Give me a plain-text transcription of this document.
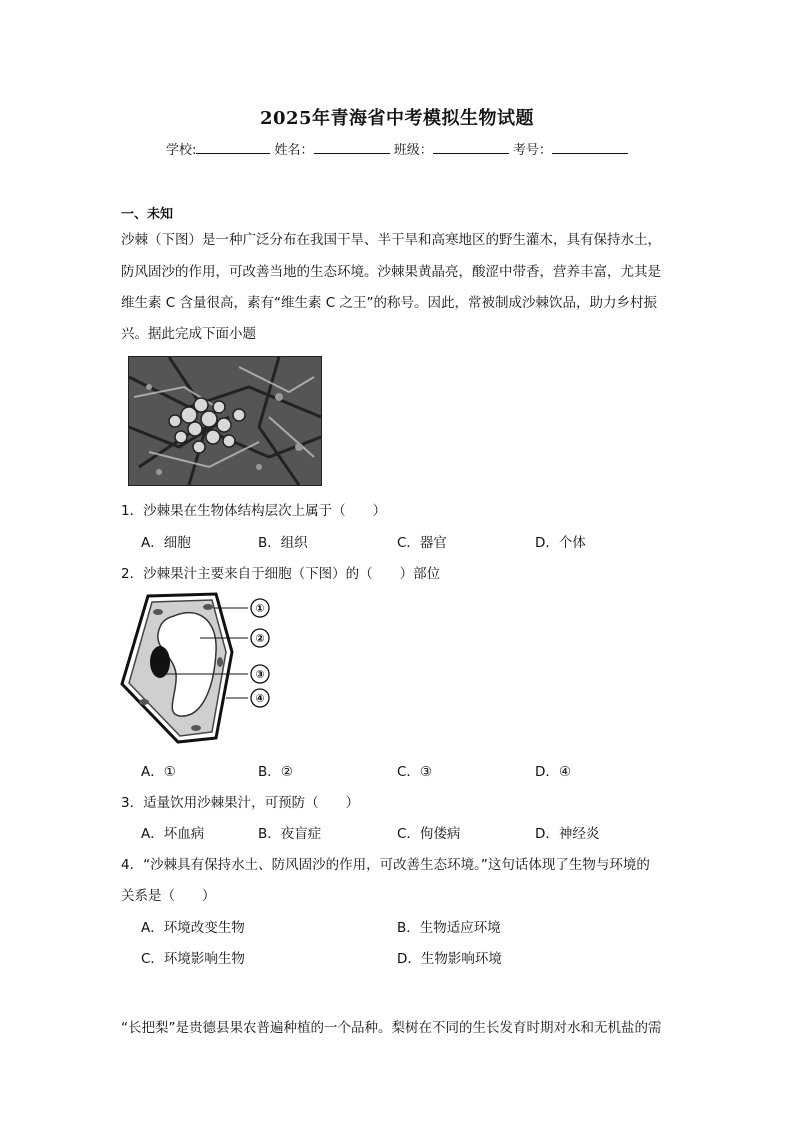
2025年青海省中考模拟生物试题
学校:	姓名：	班级：	考号：
一、未知
沙棘（下图）是一种广泛分布在我国干旱、半干旱和高寒地区的野生灌木，具有保持水土，
防风固沙的作用，可改善当地的生态环境。沙棘果黄晶亮，酸涩中带香，营养丰富，尤其是
维生素 C 含量很高，素有“维生素 C 之王”的称号。因此，常被制成沙棘饮品，助力乡村振
兴。据此完成下面小题
1．沙棘果在生物体结构层次上属于（　　）
A．细胞	B．组织	C．器官	D．个体
2．沙棘果汁主要来自于细胞（下图）的（　　）部位
①
②
③
④
A．①	B．②	C．③	D．④
3．适量饮用沙棘果汁，可预防（　　）
A．坏血病	B．夜盲症	C．佝偻病	D．神经炎
4．“沙棘具有保持水土、防风固沙的作用，可改善生态环境。”这句话体现了生物与环境的
关系是（　　）
A．环境改变生物	B．生物适应环境
C．环境影响生物	D．生物影响环境
“长把梨”是贵德县果农普遍种植的一个品种。梨树在不同的生长发育时期对水和无机盐的需
